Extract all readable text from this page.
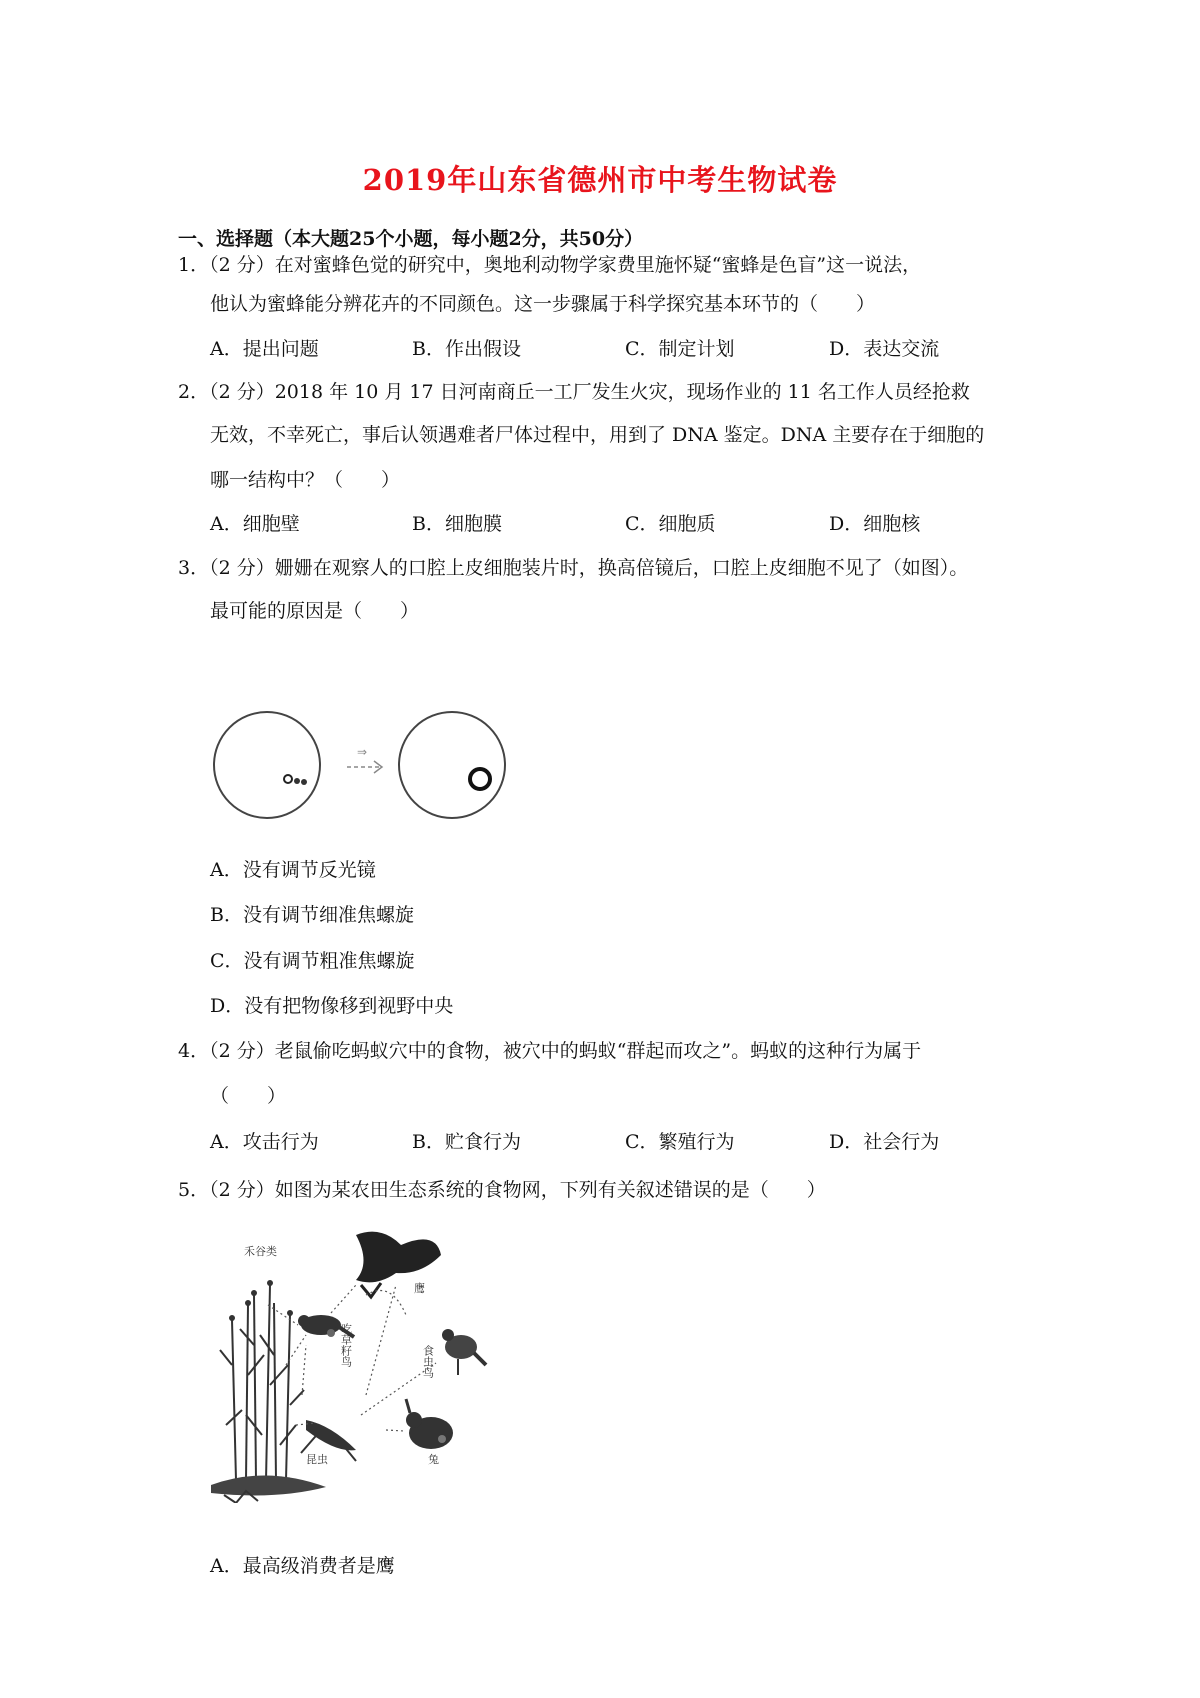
2019年山东省德州市中考生物试卷
一、选择题（本大题25个小题，每小题2分，共50分）
1．（2 分）在对蜜蜂色觉的研究中，奥地利动物学家费里施怀疑“蜜蜂是色盲”这一说法，
他认为蜜蜂能分辨花卉的不同颜色。这一步骤属于科学探究基本环节的（　　）
A．提出问题	B．作出假设	C．制定计划	D．表达交流
2．（2 分）2018 年 10 月 17 日河南商丘一工厂发生火灾，现场作业的 11 名工作人员经抢救
无效，不幸死亡，事后认领遇难者尸体过程中，用到了 DNA 鉴定。DNA 主要存在于细胞的
哪一结构中？（　　）
A．细胞壁	B．细胞膜	C．细胞质	D．细胞核
3．（2 分）姗姗在观察人的口腔上皮细胞装片时，换高倍镜后，口腔上皮细胞不见了（如图）。
最可能的原因是（　　）
⇒
A．没有调节反光镜
B．没有调节细准焦螺旋
C．没有调节粗准焦螺旋
D．没有把物像移到视野中央
4．（2 分）老鼠偷吃蚂蚁穴中的食物，被穴中的蚂蚁“群起而攻之”。蚂蚁的这种行为属于
（　　）
A．攻击行为	B．贮食行为	C．繁殖行为	D．社会行为
5．（2 分）如图为某农田生态系统的食物网，下列有关叙述错误的是（　　）
禾谷类
鹰
吃草籽鸟	食虫鸟
兔
昆虫
A．最高级消费者是鹰
